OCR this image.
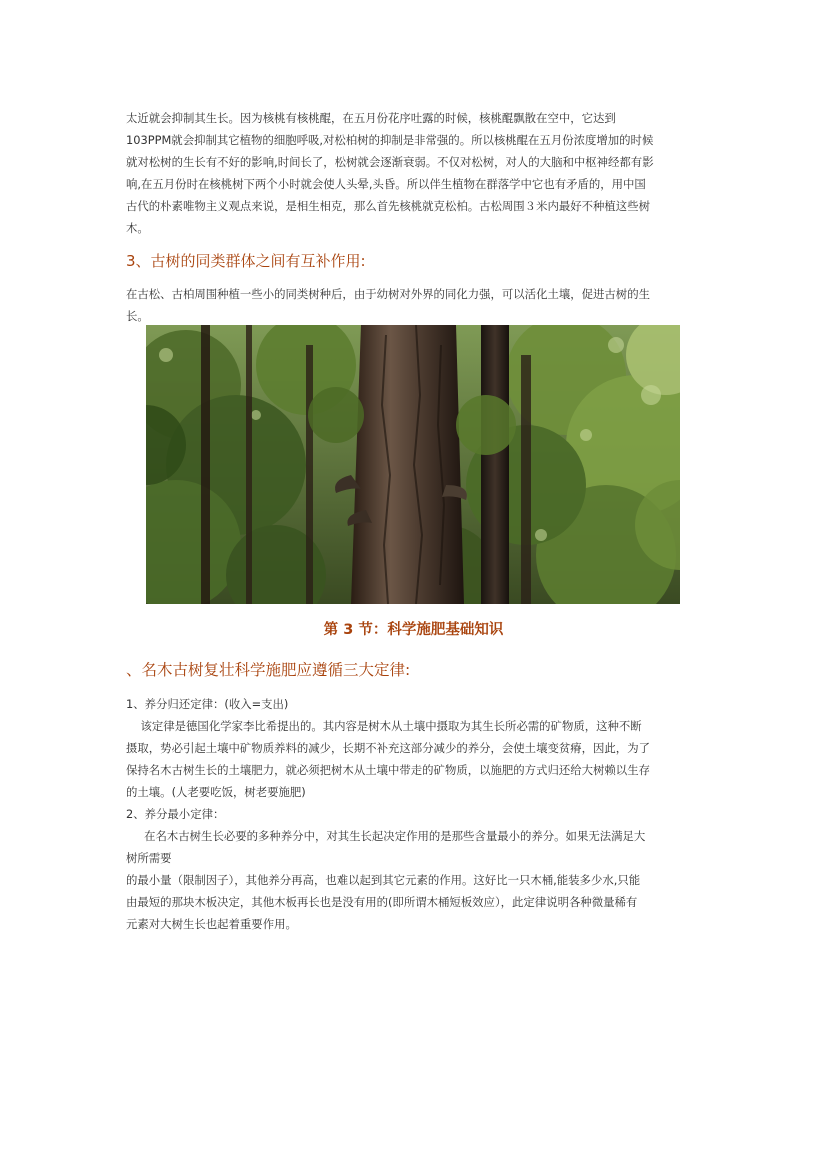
太近就会抑制其生长。因为核桃有核桃醌，在五月份花序吐露的时候，核桃醌飘散在空中，它达到
103PPM就会抑制其它植物的细胞呼吸,对松柏树的抑制是非常强的。所以核桃醌在五月份浓度增加的时候
就对松树的生长有不好的影响,时间长了，松树就会逐渐衰弱。不仅对松树，对人的大脑和中枢神经都有影
响,在五月份时在核桃树下两个小时就会使人头晕,头昏。所以伴生植物在群落学中它也有矛盾的，用中国
古代的朴素唯物主义观点来说，是相生相克，那么首先核桃就克松柏。古松周围３米内最好不种植这些树
木。
3、古树的同类群体之间有互补作用:
在古松、古柏周围种植一些小的同类树种后，由于幼树对外界的同化力强，可以活化土壤，促进古树的生
长。
第 3 节：科学施肥基础知识
、名木古树复壮科学施肥应遵循三大定律:
1、养分归还定律：(收入=支出)
该定律是德国化学家李比希提出的。其内容是树木从土壤中摄取为其生长所必需的矿物质，这种不断
摄取，势必引起土壤中矿物质养料的减少，长期不补充这部分减少的养分，会使土壤变贫瘠，因此，为了
保持名木古树生长的土壤肥力，就必须把树木从土壤中带走的矿物质，以施肥的方式归还给大树赖以生存
的土壤。(人老要吃饭，树老要施肥)
2、养分最小定律：
在名木古树生长必要的多种养分中，对其生长起决定作用的是那些含量最小的养分。如果无法满足大
树所需要
的最小量（限制因子），其他养分再高，也难以起到其它元素的作用。这好比一只木桶,能装多少水,只能
由最短的那块木板决定，其他木板再长也是没有用的(即所谓木桶短板效应），此定律说明各种微量稀有
元素对大树生长也起着重要作用。
